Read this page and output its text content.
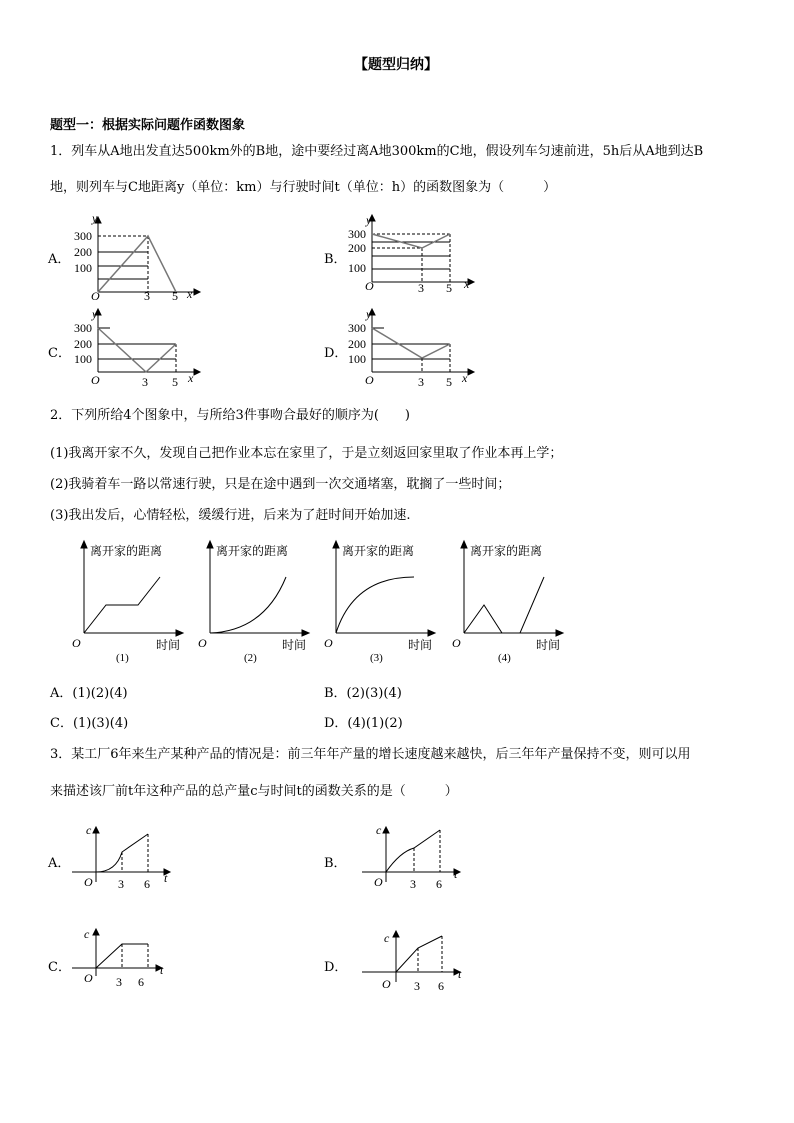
【题型归纳】
题型一：根据实际问题作函数图象
1．列车从A地出发直达500km外的B地，途中要经过离A地300km的C地，假设列车匀速前进，5h后从A地到达B
地，则列车与C地距离y（单位：km）与行驶时间t（单位：h）的函数图象为（　　　）
A．	B．
C．	D．
y
300
200
100
O	3 5 x
y
300
200
100
O	3 5 x
y
300
200
100
O	3 5 x
y
300
200
100
O	3 5 x
2．下列所给4个图象中，与所给3件事吻合最好的顺序为(　　)
(1)我离开家不久，发现自己把作业本忘在家里了，于是立刻返回家里取了作业本再上学；
(2)我骑着车一路以常速行驶，只是在途中遇到一次交通堵塞，耽搁了一些时间；
(3)我出发后，心情轻松，缓缓行进，后来为了赶时间开始加速.
离开家的距离	离开家的距离	离开家的距离	离开家的距离
O	O	O	O
时间	时间	时间	时间
(1)	(2)	(3)	(4)
A．(1)(2)(4)	B．(2)(3)(4)
C．(1)(3)(4)	D．(4)(1)(2)
3．某工厂6年来生产某种产品的情况是：前三年年产量的增长速度越来越快，后三年年产量保持不变，则可以用
来描述该厂前t年这种产品的总产量c与时间t的函数关系的是（　　　）
A．	B．
C．	D．
c
O 3 6 t
c
O 3 6
t
c
O 3 6
t
c
O 3 6
t
